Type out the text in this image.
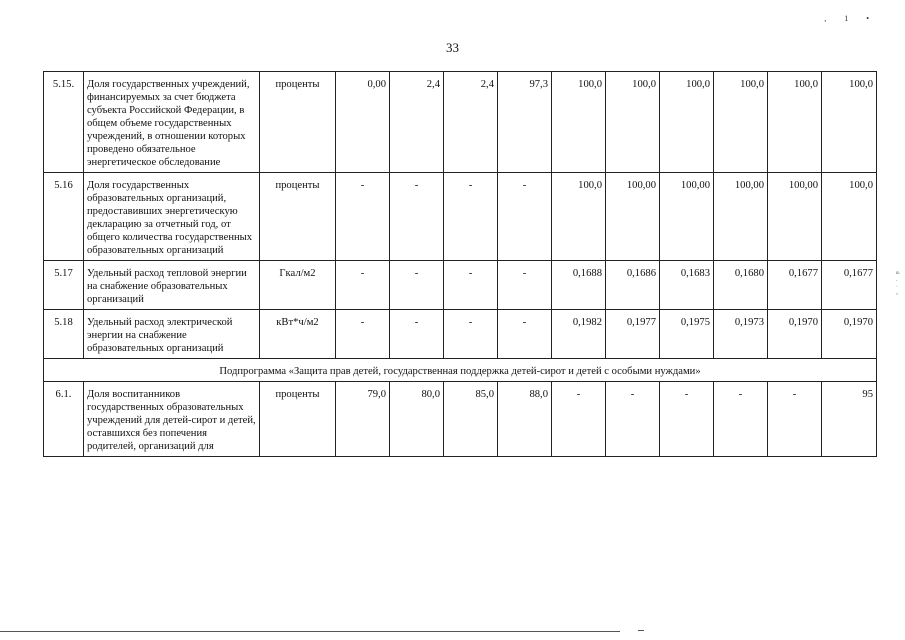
33
,1•
a.
.
·
›
5.15.	Доля государственных учреждений, финансируемых за счет бюджета субъекта Российской Федерации, в общем объеме государственных учреждений, в отношении которых проведено обязательное энергетическое обследование	проценты	0,00	2,4	2,4	97,3	100,0	100,0	100,0	100,0	100,0	100,0
5.16	Доля государственных образовательных организаций, предоставивших энергетическую декларацию за отчетный год, от общего количества государственных образовательных организаций	проценты	-	-	-	-	100,0	100,00	100,00	100,00	100,00	100,0
5.17	Удельный расход тепловой энергии на снабжение образовательных организаций	Гкал/м2	-	-	-	-	0,1688	0,1686	0,1683	0,1680	0,1677	0,1677
5.18	Удельный расход электрической энергии на снабжение образовательных организаций	кВт*ч/м2	-	-	-	-	0,1982	0,1977	0,1975	0,1973	0,1970	0,1970
Подпрограмма «Защита прав детей, государственная поддержка детей-сирот и детей с особыми нуждами»												
6.1.	Доля воспитанников государственных образовательных учреждений для детей-сирот и детей, оставшихся без попечения родителей, организаций для	проценты	79,0	80,0	85,0	88,0	-	-	-	-	-	95
